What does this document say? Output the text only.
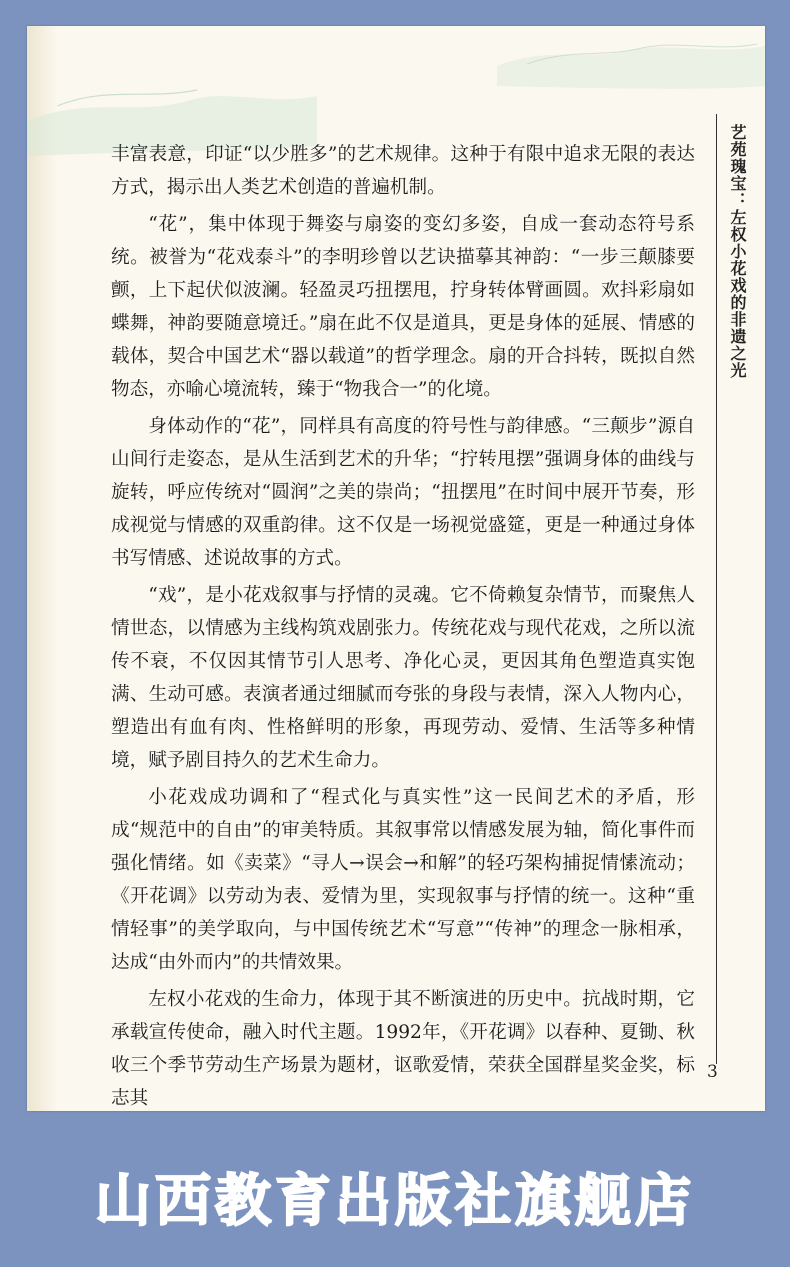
艺苑瑰宝：左权小花戏的非遗之光

丰富表意，印证“以少胜多”的艺术规律。这种于有限中追求无限的表达方式，揭示出人类艺术创造的普遍机制。

“花”，集中体现于舞姿与扇姿的变幻多姿，自成一套动态符号系统。被誉为“花戏泰斗”的李明珍曾以艺诀描摹其神韵：“一步三颠膝要颤，上下起伏似波澜。轻盈灵巧扭摆甩，拧身转体臂画圆。欢抖彩扇如蝶舞，神韵要随意境迁。”扇在此不仅是道具，更是身体的延展、情感的载体，契合中国艺术“器以载道”的哲学理念。扇的开合抖转，既拟自然物态，亦喻心境流转，臻于“物我合一”的化境。

身体动作的“花”，同样具有高度的符号性与韵律感。“三颠步”源自山间行走姿态，是从生活到艺术的升华；“拧转甩摆”强调身体的曲线与旋转，呼应传统对“圆润”之美的崇尚；“扭摆甩”在时间中展开节奏，形成视觉与情感的双重韵律。这不仅是一场视觉盛筵，更是一种通过身体书写情感、述说故事的方式。

“戏”，是小花戏叙事与抒情的灵魂。它不倚赖复杂情节，而聚焦人情世态，以情感为主线构筑戏剧张力。传统花戏与现代花戏，之所以流传不衰，不仅因其情节引人思考、净化心灵，更因其角色塑造真实饱满、生动可感。表演者通过细腻而夸张的身段与表情，深入人物内心，塑造出有血有肉、性格鲜明的形象，再现劳动、爱情、生活等多种情境，赋予剧目持久的艺术生命力。

小花戏成功调和了“程式化与真实性”这一民间艺术的矛盾，形成“规范中的自由”的审美特质。其叙事常以情感发展为轴，简化事件而强化情绪。如《卖菜》“寻人→误会→和解”的轻巧架构捕捉情愫流动；《开花调》以劳动为表、爱情为里，实现叙事与抒情的统一。这种“重情轻事”的美学取向，与中国传统艺术“写意”“传神”的理念一脉相承，达成“由外而内”的共情效果。

左权小花戏的生命力，体现于其不断演进的历史中。抗战时期，它承载宣传使命，融入时代主题。1992年，《开花调》以春种、夏锄、秋收三个季节劳动生产场景为题材，讴歌爱情，荣获全国群星奖金奖，标志其

3
山西教育出版社旗舰店
